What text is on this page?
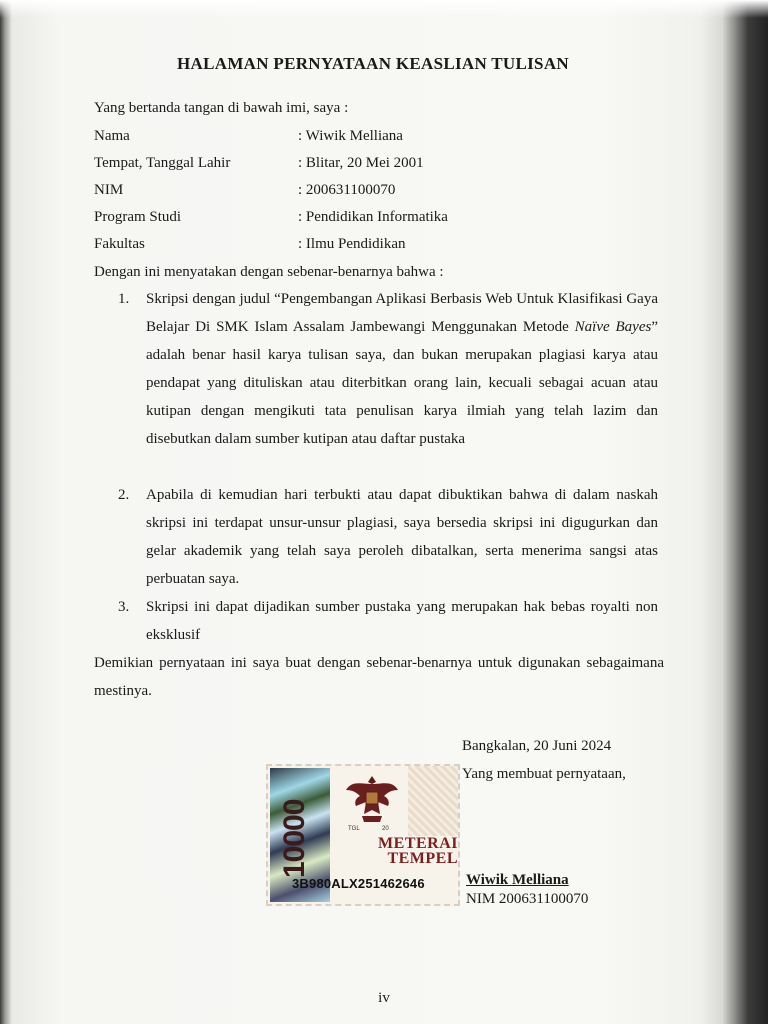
HALAMAN PERNYATAAN KEASLIAN TULISAN
Yang bertanda tangan di bawah imi, saya :
Nama	: Wiwik Melliana
Tempat, Tanggal Lahir	: Blitar, 20 Mei 2001
NIM	: 200631100070
Program Studi	: Pendidikan Informatika
Fakultas	: Ilmu Pendidikan
Dengan ini menyatakan dengan sebenar-benarnya bahwa :
1. Skripsi dengan judul “Pengembangan Aplikasi Berbasis Web Untuk Klasifikasi Gaya Belajar Di SMK Islam Assalam Jambewangi Menggunakan Metode Naïve Bayes” adalah benar hasil karya tulisan saya, dan bukan merupakan plagiasi karya atau pendapat yang dituliskan atau diterbitkan orang lain, kecuali sebagai acuan atau kutipan dengan mengikuti tata penulisan karya ilmiah yang telah lazim dan disebutkan dalam sumber kutipan atau daftar pustaka
2. Apabila di kemudian hari terbukti atau dapat dibuktikan bahwa di dalam naskah skripsi ini terdapat unsur-unsur plagiasi, saya bersedia skripsi ini digugurkan dan gelar akademik yang telah saya peroleh dibatalkan, serta menerima sangsi atas perbuatan saya.
3. Skripsi ini dapat dijadikan sumber pustaka yang merupakan hak bebas royalti non eksklusif
Demikian pernyataan ini saya buat dengan sebenar-benarnya untuk digunakan sebagaimana mestinya.
Bangkalan, 20 Juni 2024
Yang membuat pernyataan,
10000	TGL	20
METERAI
TEMPEL
3B980ALX251462646	Wiwik Melliana
NIM 200631100070
iv
